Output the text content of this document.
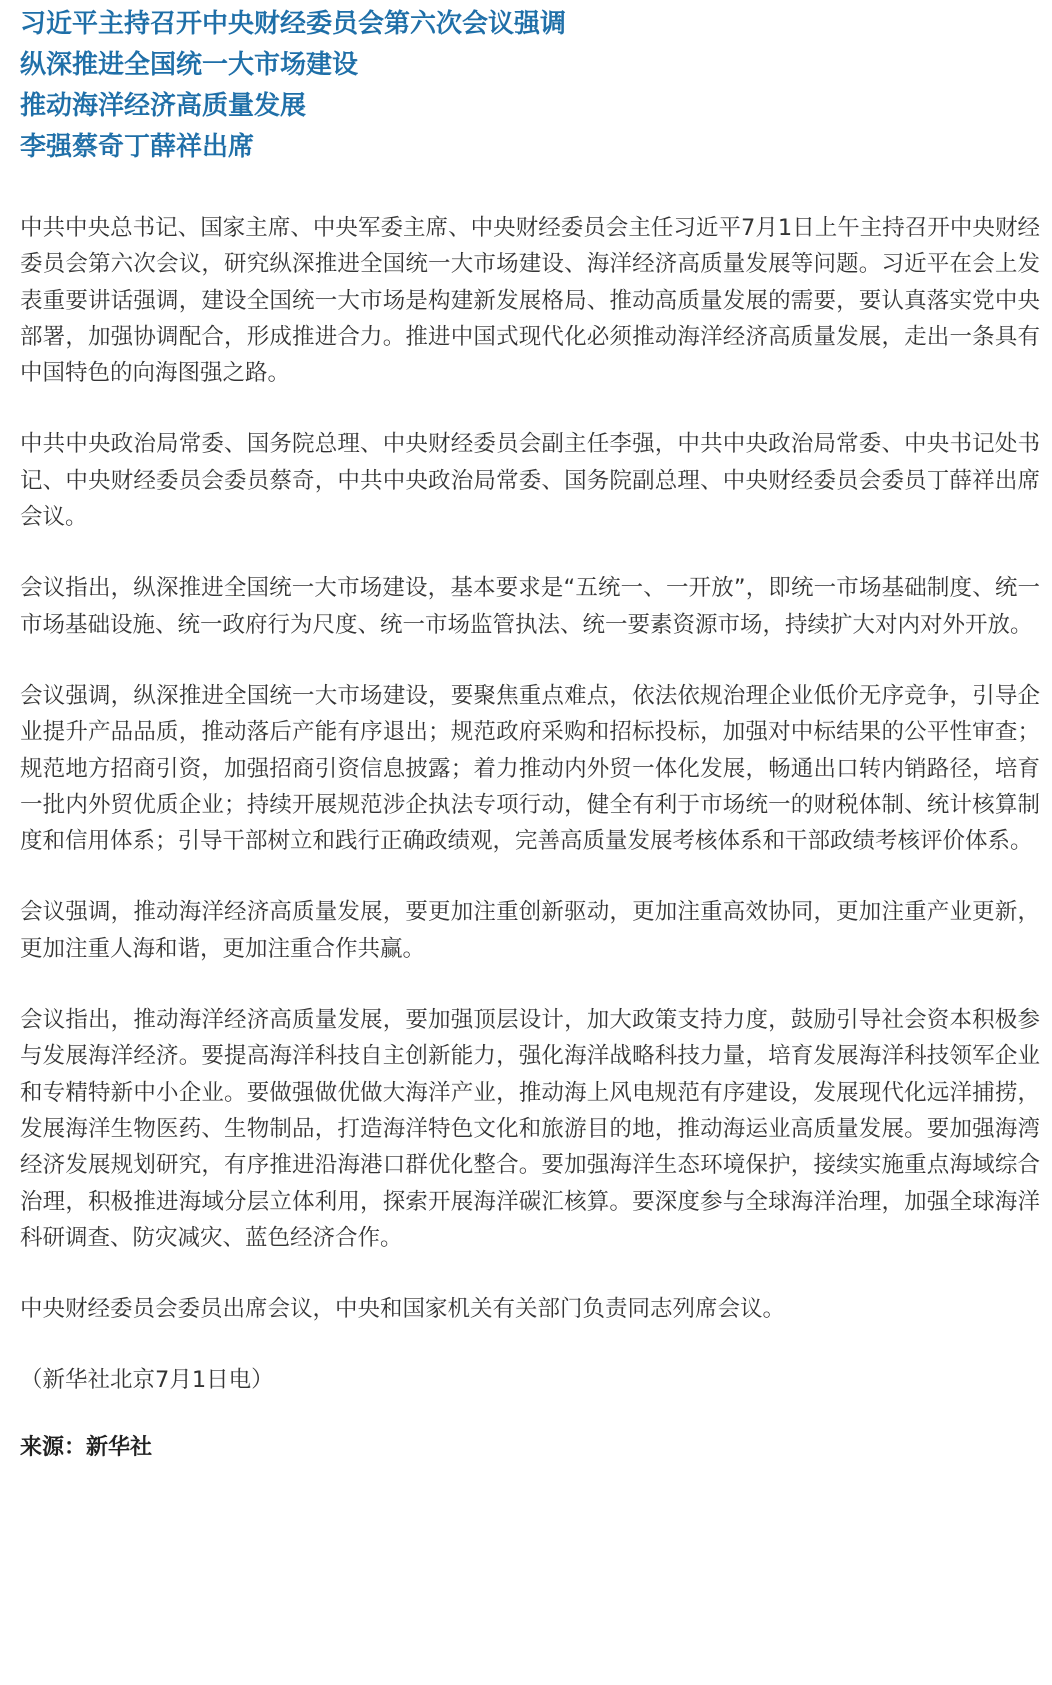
习近平主持召开中央财经委员会第六次会议强调
纵深推进全国统一大市场建设
推动海洋经济高质量发展
李强蔡奇丁薛祥出席

中共中央总书记、国家主席、中央军委主席、中央财经委员会主任习近平7月1日上午主持召开中央财经委员会第六次会议，研究纵深推进全国统一大市场建设、海洋经济高质量发展等问题。习近平在会上发表重要讲话强调，建设全国统一大市场是构建新发展格局、推动高质量发展的需要，要认真落实党中央部署，加强协调配合，形成推进合力。推进中国式现代化必须推动海洋经济高质量发展，走出一条具有中国特色的向海图强之路。

中共中央政治局常委、国务院总理、中央财经委员会副主任李强，中共中央政治局常委、中央书记处书记、中央财经委员会委员蔡奇，中共中央政治局常委、国务院副总理、中央财经委员会委员丁薛祥出席会议。

会议指出，纵深推进全国统一大市场建设，基本要求是“五统一、一开放”，即统一市场基础制度、统一市场基础设施、统一政府行为尺度、统一市场监管执法、统一要素资源市场，持续扩大对内对外开放。

会议强调，纵深推进全国统一大市场建设，要聚焦重点难点，依法依规治理企业低价无序竞争，引导企业提升产品品质，推动落后产能有序退出；规范政府采购和招标投标，加强对中标结果的公平性审查；规范地方招商引资，加强招商引资信息披露；着力推动内外贸一体化发展，畅通出口转内销路径，培育一批内外贸优质企业；持续开展规范涉企执法专项行动，健全有利于市场统一的财税体制、统计核算制度和信用体系；引导干部树立和践行正确政绩观，完善高质量发展考核体系和干部政绩考核评价体系。

会议强调，推动海洋经济高质量发展，要更加注重创新驱动，更加注重高效协同，更加注重产业更新，更加注重人海和谐，更加注重合作共赢。

会议指出，推动海洋经济高质量发展，要加强顶层设计，加大政策支持力度，鼓励引导社会资本积极参与发展海洋经济。要提高海洋科技自主创新能力，强化海洋战略科技力量，培育发展海洋科技领军企业和专精特新中小企业。要做强做优做大海洋产业，推动海上风电规范有序建设，发展现代化远洋捕捞，发展海洋生物医药、生物制品，打造海洋特色文化和旅游目的地，推动海运业高质量发展。要加强海湾经济发展规划研究，有序推进沿海港口群优化整合。要加强海洋生态环境保护，接续实施重点海域综合治理，积极推进海域分层立体利用，探索开展海洋碳汇核算。要深度参与全球海洋治理，加强全球海洋科研调查、防灾减灾、蓝色经济合作。

中央财经委员会委员出席会议，中央和国家机关有关部门负责同志列席会议。

（新华社北京7月1日电）
来源：新华社
